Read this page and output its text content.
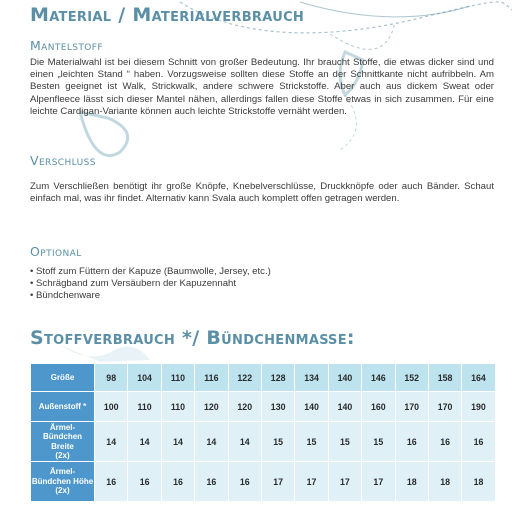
Material / Materialverbrauch
Mantelstoff
Die Materialwahl ist bei diesem Schnitt von großer Bedeutung. Ihr braucht Stoffe, die etwas dicker sind und einen „leichten Stand “ haben. Vorzugsweise sollten diese Stoffe an der Schnittkante nicht aufribbeln. Am Besten geeignet ist Walk, Strickwalk, andere schwere Strickstoffe. Aber auch aus dickem Sweat oder Alpenfleece lässt sich dieser Mantel nähen, allerdings fallen diese Stoffe etwas in sich zusammen. Für eine leichte Cardigan-Variante können auch leichte Strickstoffe vernäht werden.
Verschluss
Zum Verschließen benötigt ihr große Knöpfe, Knebelverschlüsse, Druckknöpfe oder auch Bänder. Schaut einfach mal, was ihr findet. Alternativ kann Svala auch komplett offen getragen werden.
Optional
• Stoff zum Füttern der Kapuze (Baumwolle, Jersey, etc.)
• Schrägband zum Versäubern der Kapuzennaht
• Bündchenware
Stoffverbrauch */ Bündchenmaße:
Größe	98	104	110	116	122	128	134	140	146	152	158	164
Außenstoff *	100	110	110	120	120	130	140	140	160	170	170	190
Ärmel-
Bündchen Breite
(2x)	14	14	14	14	14	15	15	15	15	16	16	16
Ärmel-
Bündchen Höhe
(2x)	16	16	16	16	16	17	17	17	17	18	18	18
